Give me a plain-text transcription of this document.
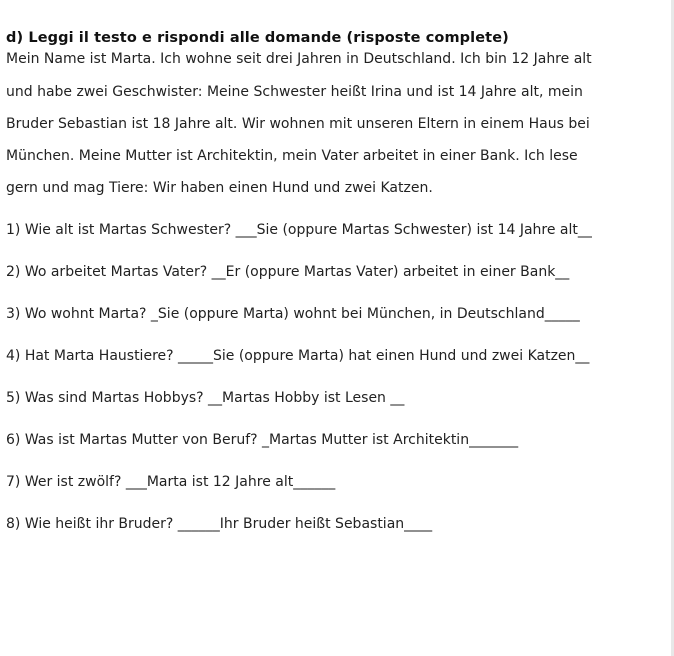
d) Leggi il testo e rispondi alle domande (risposte complete)
Mein Name ist Marta. Ich wohne seit drei Jahren in Deutschland. Ich bin 12 Jahre alt
und habe zwei Geschwister: Meine Schwester heißt Irina und ist 14 Jahre alt, mein
Bruder Sebastian ist 18 Jahre alt. Wir wohnen mit unseren Eltern in einem Haus bei
München. Meine Mutter ist Architektin, mein Vater arbeitet in einer Bank. Ich lese
gern und mag Tiere: Wir haben einen Hund und zwei Katzen.
1) Wie alt ist Martas Schwester? ___Sie (oppure Martas Schwester) ist 14 Jahre alt__
2) Wo arbeitet Martas Vater? __Er (oppure Martas Vater) arbeitet in einer Bank__
3) Wo wohnt Marta? _Sie (oppure Marta) wohnt bei München, in Deutschland_____
4) Hat Marta Haustiere? _____Sie (oppure Marta) hat einen Hund und zwei Katzen__
5) Was sind Martas Hobbys? __Martas Hobby ist Lesen __
6) Was ist Martas Mutter von Beruf? _Martas Mutter ist Architektin_______
7) Wer ist zwölf? ___Marta ist 12 Jahre alt______
8) Wie heißt ihr Bruder? ______Ihr Bruder heißt Sebastian____
